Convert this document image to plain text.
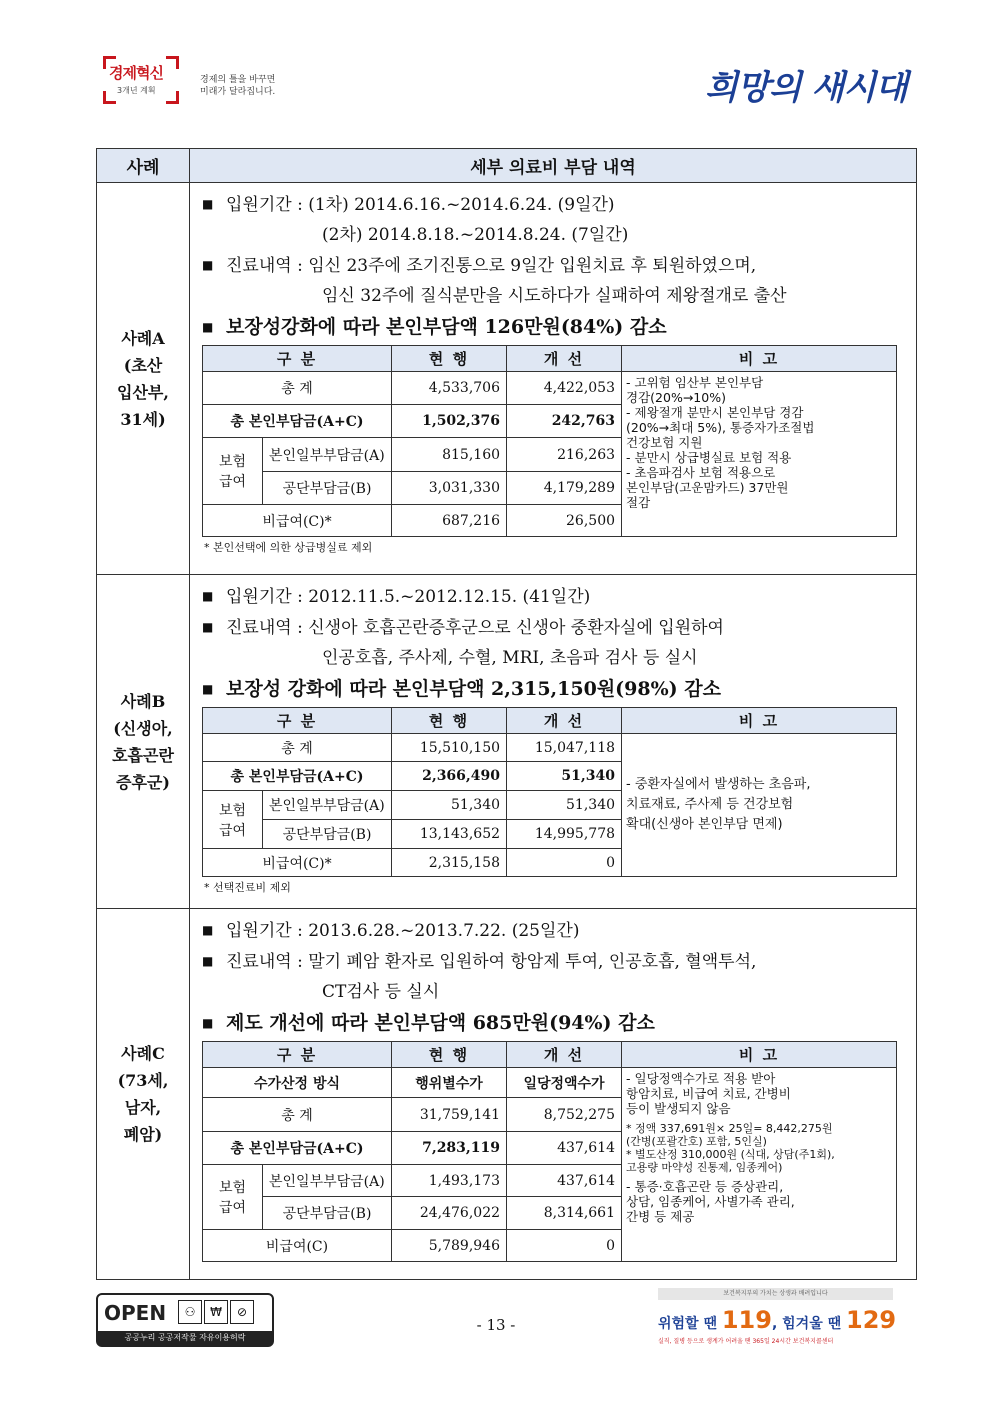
경제혁신
3개년 계획
경제의 틀을 바꾸면
미래가 달라집니다.	희망의 새시대
사례	세부 의료비 부담 내역

사례A
(초산
입산부,
31세)

■ 입원기간 : (1차) 2014.6.16.~2014.6.24. (9일간)
(2차) 2014.8.18.~2014.8.24. (7일간)
■ 진료내역 : 임신 23주에 조기진통으로 9일간 입원치료 후 퇴원하였으며,
임신 32주에 질식분만을 시도하다가 실패하여 제왕절개로 출산
■ 보장성강화에 따라 본인부담액 126만원(84%) 감소
구 분	현 행	개 선	비 고
총 계	4,533,706	4,422,053	- 고위험 임산부 본인부담
경감(20%→10%)
- 제왕절개 분만시 본인부담 경감
(20%→최대 5%), 통증자가조절법
건강보험 지원
- 분만시 상급병실료 보험 적용
- 초음파검사 보험 적용으로
본인부담(고운맘카드) 37만원
절감

총 본인부담금(A+C)	1,502,376	242,763

보험
급여
	본인일부부담금(A)	815,160	216,263
공단부담금(B)	3,031,330	4,179,289
비급여(C)*	687,216	26,500
* 본인선택에 의한 상급병실료 제외

사례B
(신생아,
호흡곤란
증후군)

■ 입원기간 : 2012.11.5.~2012.12.15. (41일간)
■ 진료내역 : 신생아 호흡곤란증후군으로 신생아 중환자실에 입원하여
인공호흡, 주사제, 수혈, MRI, 초음파 검사 등 실시
■ 보장성 강화에 따라 본인부담액 2,315,150원(98%) 감소
구 분	현 행	개 선	비 고
총 계	15,510,150	15,047,118	
- 중환자실에서 발생하는 초음파,
치료재료, 주사제 등 건강보험
확대(신생아 본인부담 면제)

총 본인부담금(A+C)	2,366,490	51,340

보험
급여
	본인일부부담금(A)	51,340	51,340
공단부담금(B)	13,143,652	14,995,778
비급여(C)*	2,315,158	0
* 선택진료비 제외

사례C
(73세,
남자,
폐암)

■ 입원기간 : 2013.6.28.~2013.7.22. (25일간)
■ 진료내역 : 말기 폐암 환자로 입원하여 항암제 투여, 인공호흡, 혈액투석,
CT검사 등 실시
■ 제도 개선에 따라 본인부담액 685만원(94%) 감소
구 분	현 행	개 선	비 고
수가산정 방식	행위별수가	일당정액수가	- 일당정액수가로 적용 받아
항암치료, 비급여 치료, 간병비
등이 발생되지 않음
* 정액 337,691원× 25일= 8,442,275원
(간병(포괄간호) 포함, 5인실)
* 별도산정 310,000원 (식대, 상담(주1회),
고용량 마약성 진통제, 임종케어)
- 통증·호흡곤란 등 증상관리,
상담, 임종케어, 사별가족 관리,
간병 등 제공

총 계	31,759,141	8,752,275
총 본인부담금(A+C)	7,283,119	437,614

보험
급여
	본인일부부담금(A)	1,493,173	437,614
공단부담금(B)	24,476,022	8,314,661
비급여(C)	5,789,946	0
OPEN	⚇ ₩ ⊘
공공누리 공공저작물 자유이용허락
- 13 -
보건복지부의 가치는 상생과 배려입니다
위험할 땐 119, 힘겨울 땐 129
실직, 질병 등으로 생계가 어려울 땐 365일 24시간 보건복지콜센터
